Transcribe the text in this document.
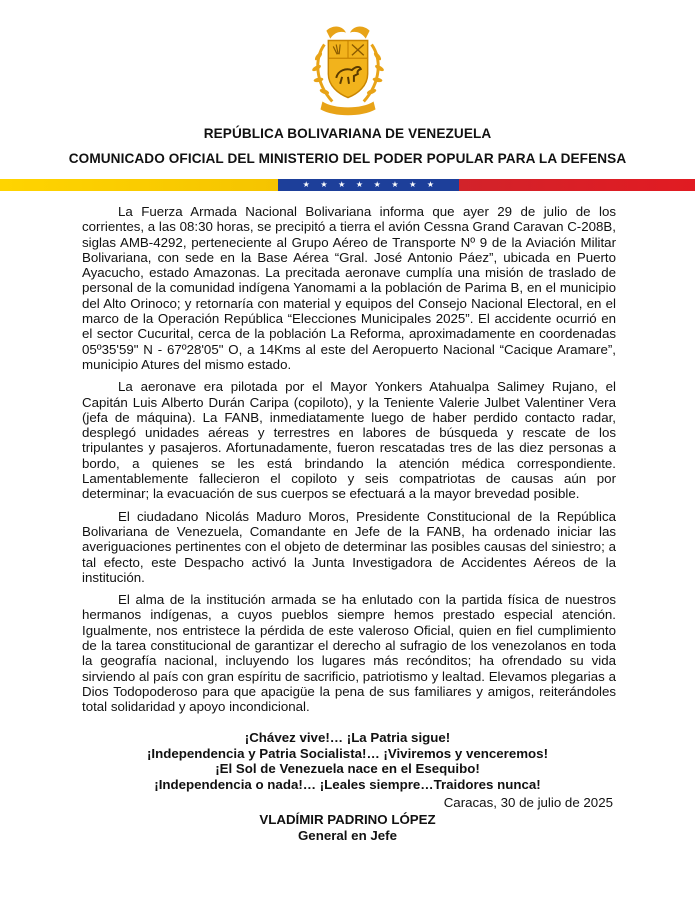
REPÚBLICA BOLIVARIANA DE VENEZUELA
COMUNICADO OFICIAL DEL MINISTERIO DEL PODER POPULAR PARA LA DEFENSA
★ ★ ★ ★ ★ ★ ★ ★

La Fuerza Armada Nacional Bolivariana informa que ayer 29 de julio de los corrientes, a las 08:30 horas, se precipitó a tierra el avión Cessna Grand Caravan C-208B, siglas AMB-4292, perteneciente al Grupo Aéreo de Transporte Nº 9 de la Aviación Militar Bolivariana, con sede en la Base Aérea “Gral. José Antonio Páez”, ubicada en Puerto Ayacucho, estado Amazonas. La precitada aeronave cumplía una misión de traslado de personal de la comunidad indígena Yanomami a la población de Parima B, en el municipio del Alto Orinoco; y retornaría con material y equipos del Consejo Nacional Electoral, en el marco de la Operación República “Elecciones Municipales 2025”. El accidente ocurrió en el sector Cucurital, cerca de la población La Reforma, aproximadamente en coordenadas 05º35'59" N - 67º28'05" O, a 14Kms al este del Aeropuerto Nacional “Cacique Aramare”, municipio Atures del mismo estado.

La aeronave era pilotada por el Mayor Yonkers Atahualpa Salimey Rujano, el Capitán Luis Alberto Durán Caripa (copiloto), y la Teniente Valerie Julbet Valentiner Vera (jefa de máquina). La FANB, inmediatamente luego de haber perdido contacto radar, desplegó unidades aéreas y terrestres en labores de búsqueda y rescate de los tripulantes y pasajeros. Afortunadamente, fueron rescatadas tres de las diez personas a bordo, a quienes se les está brindando la atención médica correspondiente. Lamentablemente fallecieron el copiloto y seis compatriotas de causas aún por determinar; la evacuación de sus cuerpos se efectuará a la mayor brevedad posible.

El ciudadano Nicolás Maduro Moros, Presidente Constitucional de la República Bolivariana de Venezuela, Comandante en Jefe de la FANB, ha ordenado iniciar las averiguaciones pertinentes con el objeto de determinar las posibles causas del siniestro; a tal efecto, este Despacho activó la Junta Investigadora de Accidentes Aéreos de la institución.

El alma de la institución armada se ha enlutado con la partida física de nuestros hermanos indígenas, a cuyos pueblos siempre hemos prestado especial atención. Igualmente, nos entristece la pérdida de este valeroso Oficial, quien en fiel cumplimiento de la tarea constitucional de garantizar el derecho al sufragio de los venezolanos en toda la geografía nacional, incluyendo los lugares más recónditos; ha ofrendado su vida sirviendo al país con gran espíritu de sacrificio, patriotismo y lealtad. Elevamos plegarias a Dios Todopoderoso para que apacigüe la pena de sus familiares y amigos, reiterándoles total solidaridad y apoyo incondicional.

¡Chávez vive!… ¡La Patria sigue!
¡Independencia y Patria Socialista!… ¡Viviremos y venceremos!
¡El Sol de Venezuela nace en el Esequibo!
¡Independencia o nada!… ¡Leales siempre…Traidores nunca!
Caracas, 30 de julio de 2025
VLADÍMIR PADRINO LÓPEZ
General en Jefe
